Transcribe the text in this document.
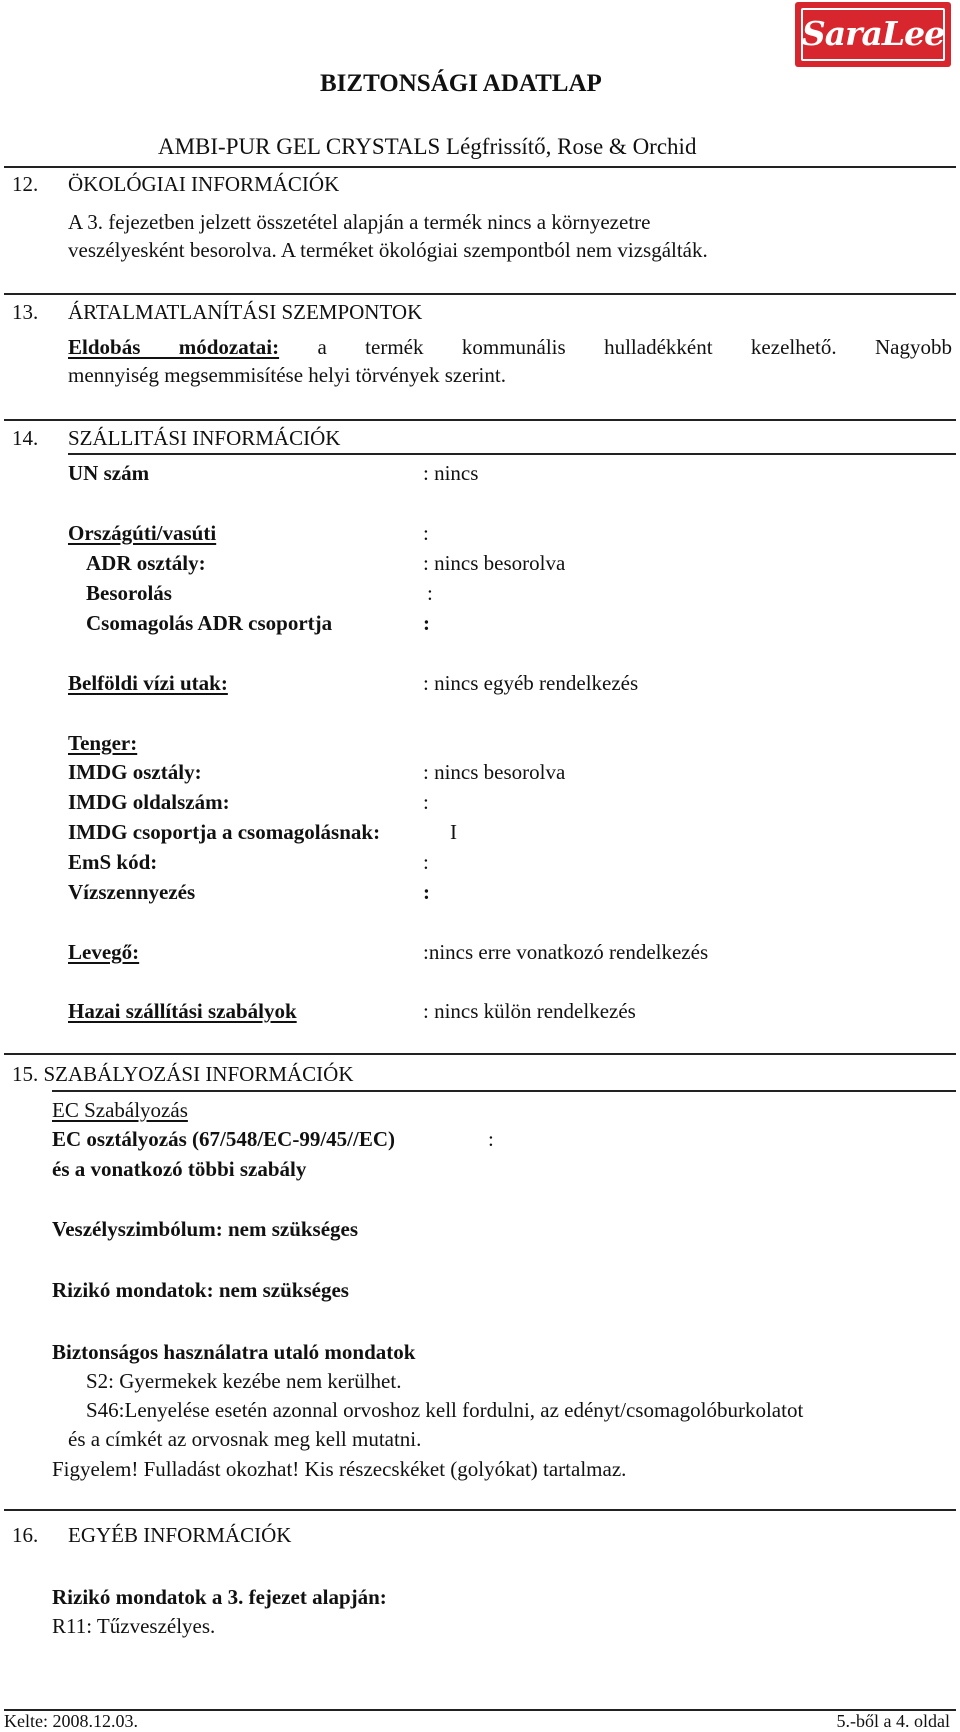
SaraLee
BIZTONSÁGI ADATLAP
AMBI-PUR GEL CRYSTALS Légfrissítő, Rose & Orchid
12. ÖKOLÓGIAI INFORMÁCIÓK
A 3. fejezetben jelzett összetétel alapján a termék nincs a környezetre
veszélyesként besorolva. A terméket ökológiai szempontból nem vizsgálták.
13. ÁRTALMATLANÍTÁSI SZEMPONTOK
Eldobás módozatai: a termék kommunális hulladékként kezelhető. Nagyobb
mennyiség megsemmisítése helyi törvények szerint.
14. SZÁLLITÁSI INFORMÁCIÓK
UN szám	: nincs
Országúti/vasúti	:
ADR osztály:	: nincs besorolva
Besorolás	:
Csomagolás ADR csoportja	:
Belföldi vízi utak:	: nincs egyéb rendelkezés
Tenger:
IMDG osztály:	: nincs besorolva
IMDG oldalszám:	:
IMDG csoportja a csomagolásnak:	I
EmS kód:	:
Vízszennyezés	:
Levegő:	:nincs erre vonatkozó rendelkezés
Hazai szállítási szabályok	: nincs külön rendelkezés
15. SZABÁLYOZÁSI INFORMÁCIÓK
EC Szabályozás
EC osztályozás (67/548/EC-99/45//EC)	:
és a vonatkozó többi szabály
Veszélyszimbólum: nem szükséges
Rizikó mondatok: nem szükséges
Biztonságos használatra utaló mondatok
S2: Gyermekek kezébe nem kerülhet.
S46:Lenyelése esetén azonnal orvoshoz kell fordulni, az edényt/csomagolóburkolatot
és a címkét az orvosnak meg kell mutatni.
Figyelem! Fulladást okozhat! Kis részecskéket (golyókat) tartalmaz.
16. EGYÉB INFORMÁCIÓK
Rizikó mondatok a 3. fejezet alapján:
R11: Tűzveszélyes.
Kelte: 2008.12.03.	5.-ből a 4. oldal
